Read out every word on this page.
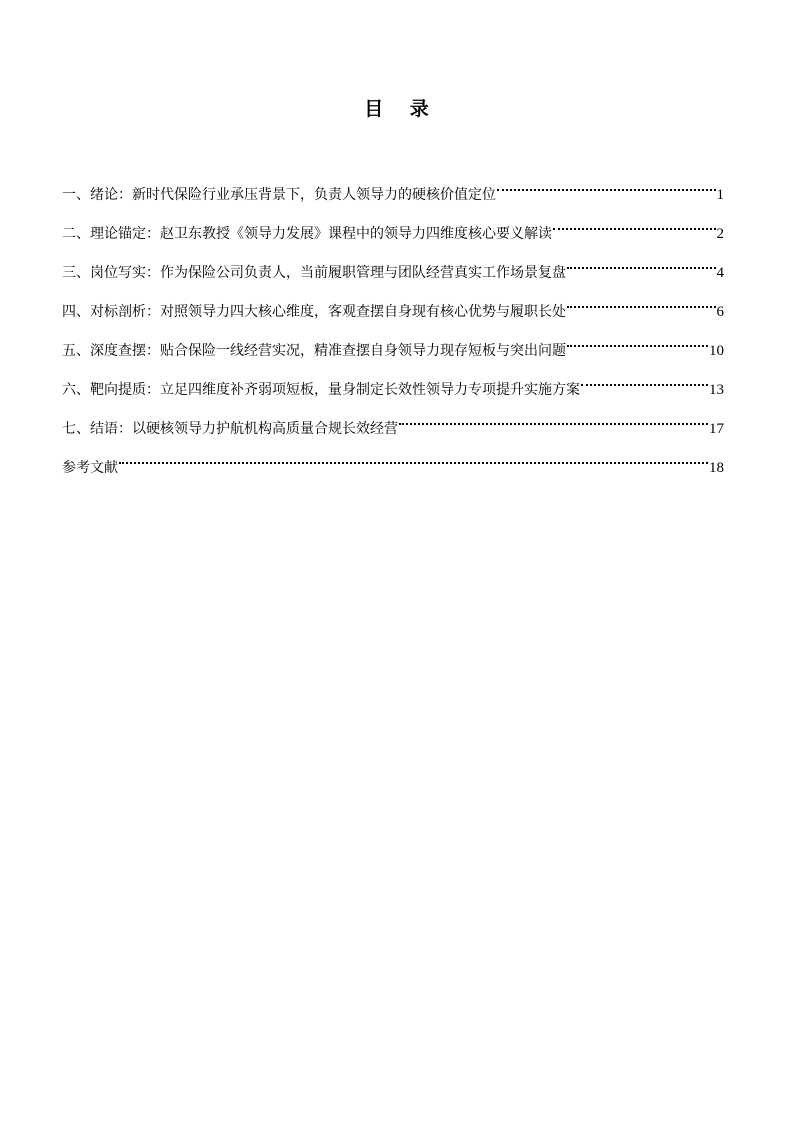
目 录
一、绪论：新时代保险行业承压背景下，负责人领导力的硬核价值定位	1
二、理论锚定：赵卫东教授《领导力发展》课程中的领导力四维度核心要义解读	2
三、岗位写实：作为保险公司负责人，当前履职管理与团队经营真实工作场景复盘	4
四、对标剖析：对照领导力四大核心维度，客观查摆自身现有核心优势与履职长处	6
五、深度查摆：贴合保险一线经营实况，精准查摆自身领导力现存短板与突出问题	10
六、靶向提质：立足四维度补齐弱项短板，量身制定长效性领导力专项提升实施方案	13
七、结语：以硬核领导力护航机构高质量合规长效经营	17
参考文献	18
